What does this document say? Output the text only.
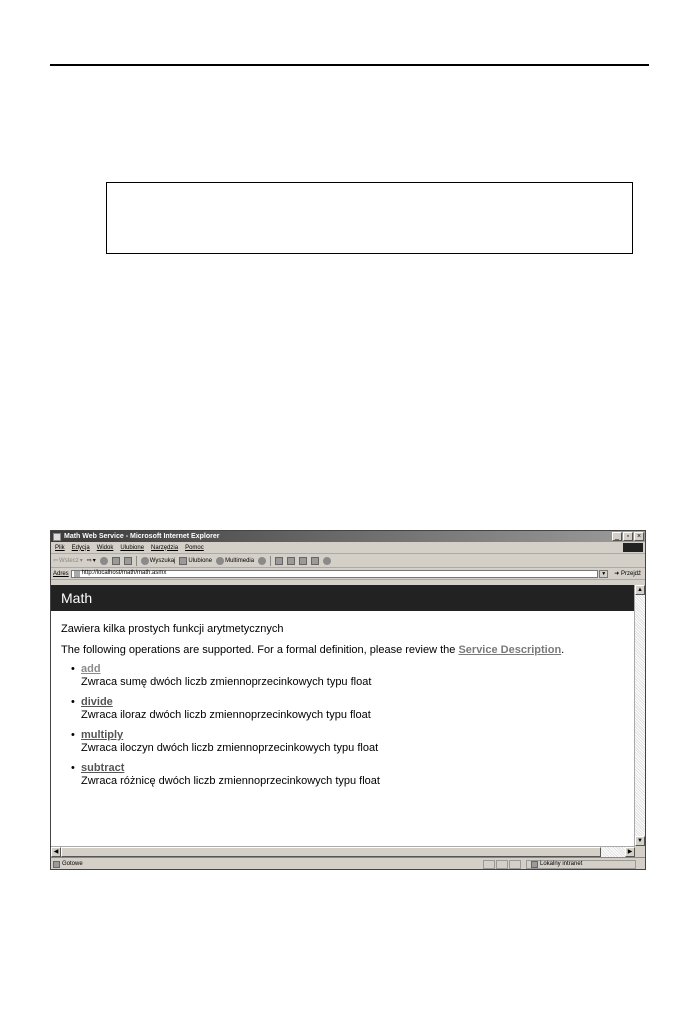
Math Web Service - Microsoft Internet Explorer	_	▫	×
Plik Edycja Widok Ulubione Narzędzia Pomoc
⇦ Wstecz ▾ ⇨ ▾	Wyszukaj Ulubione Multimedia
Adres http://localhost/math/math.asmx	▼	➜ Przejdź
Math
Zawiera kilka prostych funkcji arytmetycznych
The following operations are supported. For a formal definition, please review the Service Description.
• add
Zwraca sumę dwóch liczb zmiennoprzecinkowych typu float
• divide
Zwraca iloraz dwóch liczb zmiennoprzecinkowych typu float
• multiply
Zwraca iloczyn dwóch liczb zmiennoprzecinkowych typu float
• subtract
Zwraca różnicę dwóch liczb zmiennoprzecinkowych typu float
▲
▼
◀	▶
Gotowe	Lokalny intranet
